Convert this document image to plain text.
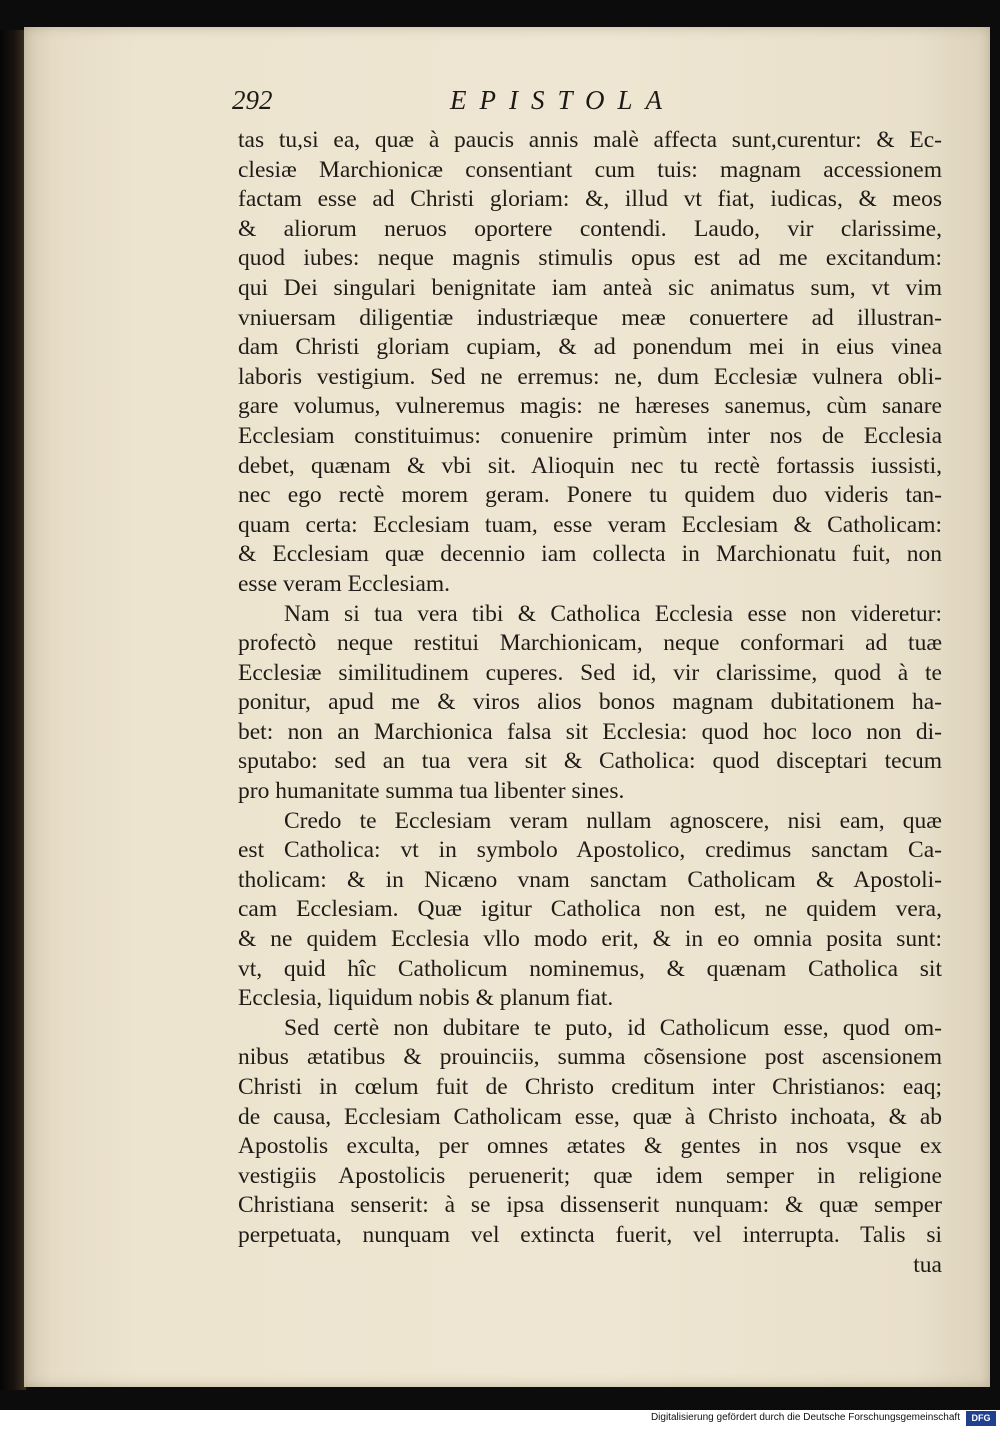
292	EPISTOLA
tas tu,si ea, quæ à paucis annis malè affecta sunt,curentur: & Ec-
clesiæ Marchionicæ consentiant cum tuis: magnam accessionem
factam esse ad Christi gloriam: &, illud vt fiat, iudicas, & meos
& aliorum neruos oportere contendi. Laudo, vir clarissime,
quod iubes: neque magnis stimulis opus est ad me excitandum:
qui Dei singulari benignitate iam anteà sic animatus sum, vt vim
vniuersam diligentiæ industriæque meæ conuertere ad illustran-
dam Christi gloriam cupiam, & ad ponendum mei in eius vinea
laboris vestigium. Sed ne erremus: ne, dum Ecclesiæ vulnera obli-
gare volumus, vulneremus magis: ne hæreses sanemus, cùm sanare
Ecclesiam constituimus: conuenire primùm inter nos de Ecclesia
debet, quænam & vbi sit. Alioquin nec tu rectè fortassis iussisti,
nec ego rectè morem geram. Ponere tu quidem duo videris tan-
quam certa: Ecclesiam tuam, esse veram Ecclesiam & Catholicam:
& Ecclesiam quæ decennio iam collecta in Marchionatu fuit, non
esse veram Ecclesiam.
Nam si tua vera tibi & Catholica Ecclesia esse non videretur:
profectò neque restitui Marchionicam, neque conformari ad tuæ
Ecclesiæ similitudinem cuperes. Sed id, vir clarissime, quod à te
ponitur, apud me & viros alios bonos magnam dubitationem ha-
bet: non an Marchionica falsa sit Ecclesia: quod hoc loco non di-
sputabo: sed an tua vera sit & Catholica: quod disceptari tecum
pro humanitate summa tua libenter sines.
Credo te Ecclesiam veram nullam agnoscere, nisi eam, quæ
est Catholica: vt in symbolo Apostolico, credimus sanctam Ca-
tholicam: & in Nicæno vnam sanctam Catholicam & Apostoli-
cam Ecclesiam. Quæ igitur Catholica non est, ne quidem vera,
& ne quidem Ecclesia vllo modo erit, & in eo omnia posita sunt:
vt, quid hîc Catholicum nominemus, & quænam Catholica sit
Ecclesia, liquidum nobis & planum fiat.
Sed certè non dubitare te puto, id Catholicum esse, quod om-
nibus ætatibus & prouinciis, summa cõsensione post ascensionem
Christi in cœlum fuit de Christo creditum inter Christianos: eaq;
de causa, Ecclesiam Catholicam esse, quæ à Christo inchoata, & ab
Apostolis exculta, per omnes ætates & gentes in nos vsque ex
vestigiis Apostolicis peruenerit; quæ idem semper in religione
Christiana senserit: à se ipsa dissenserit nunquam: & quæ semper
perpetuata, nunquam vel extincta fuerit, vel interrupta. Talis si
tua
Digitalisierung gefördert durch die Deutsche Forschungsgemeinschaft	DFG
